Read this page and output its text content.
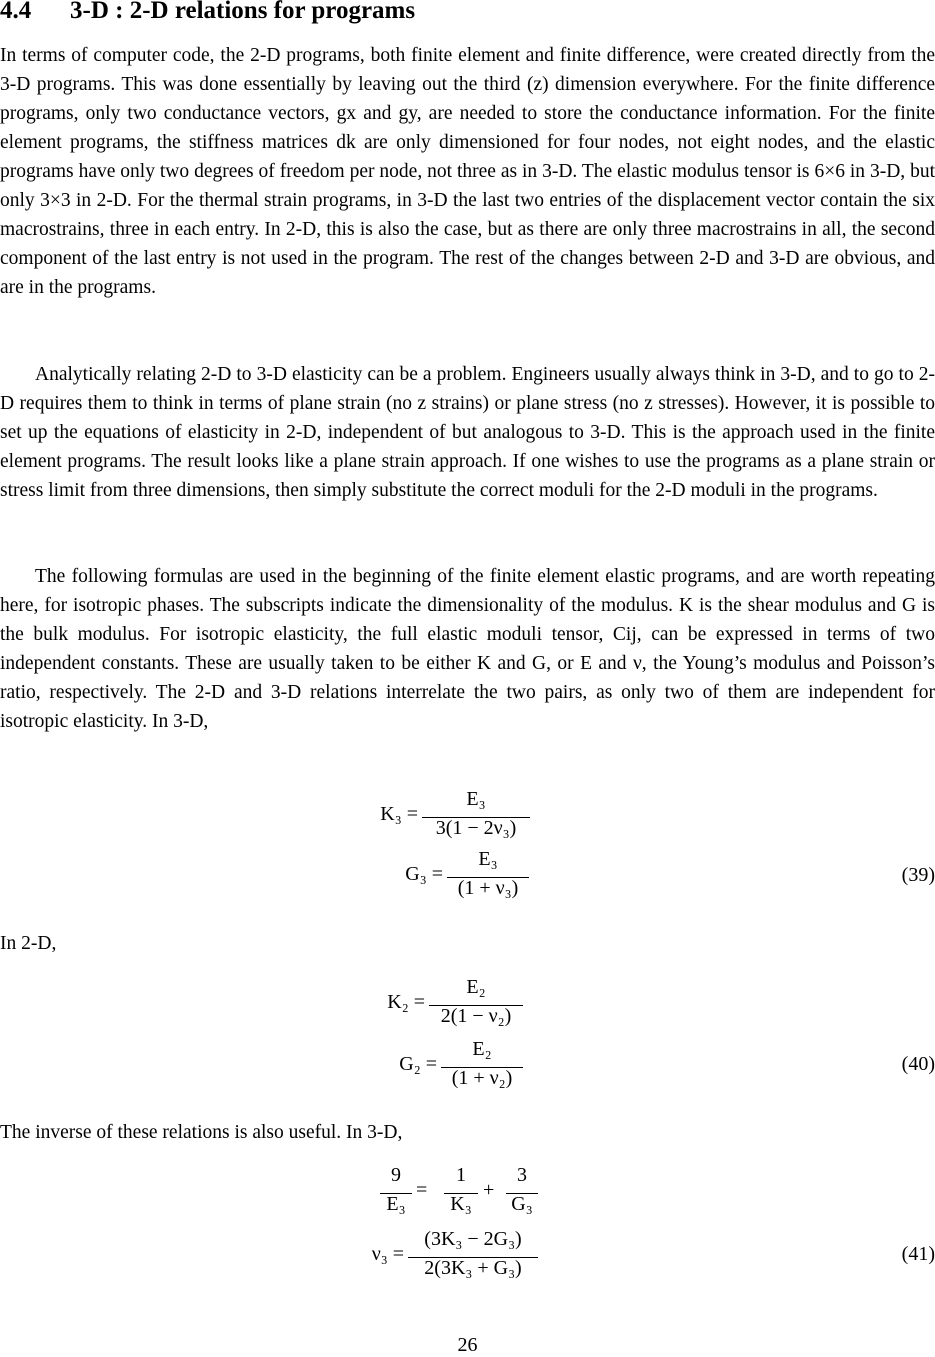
4.4 3-D : 2-D relations for programs

In terms of computer code, the 2-D programs, both finite element and finite difference, were created directly from the 3-D programs. This was done essentially by leaving out the third (z) dimension everywhere. For the finite difference programs, only two conductance vectors, gx and gy, are needed to store the conductance information. For the finite element programs, the stiffness matrices dk are only dimensioned for four nodes, not eight nodes, and the elastic programs have only two degrees of freedom per node, not three as in 3-D. The elastic modulus tensor is 6×6 in 3-D, but only 3×3 in 2-D. For the thermal strain programs, in 3-D the last two entries of the displacement vector contain the six macrostrains, three in each entry. In 2-D, this is also the case, but as there are only three macrostrains in all, the second component of the last entry is not used in the program. The rest of the changes between 2-D and 3-D are obvious, and are in the programs.

Analytically relating 2-D to 3-D elasticity can be a problem. Engineers usually always think in 3-D, and to go to 2-D requires them to think in terms of plane strain (no z strains) or plane stress (no z stresses). However, it is possible to set up the equations of elasticity in 2-D, independent of but analogous to 3-D. This is the approach used in the finite element programs. The result looks like a plane strain approach. If one wishes to use the programs as a plane strain or stress limit from three dimensions, then simply substitute the correct moduli for the 2-D moduli in the programs.

The following formulas are used in the beginning of the finite element elastic programs, and are worth repeating here, for isotropic phases. The subscripts indicate the dimensionality of the modulus. K is the shear modulus and G is the bulk modulus. For isotropic elasticity, the full elastic moduli tensor, Cij, can be expressed in terms of two independent constants. These are usually taken to be either K and G, or E and ν, the Young’s modulus and Poisson’s ratio, respectively. The 2-D and 3-D relations interrelate the two pairs, as only two of them are independent for isotropic elasticity. In 3-D,

K₃ =
E₃
3(1 − 2ν₃)
G₃ =
E₃
(1 + ν₃)
(39)
In 2-D,
K₂ =
E₂
2(1 − ν₂)
G₂ =
E₂
(1 + ν₂)
(40)
The inverse of these relations is also useful. In 3-D,
9
E₃
=
1
K₃
+
3
G₃
ν₃ =
(3K₃ − 2G₃)
2(3K₃ + G₃)
(41)
26
